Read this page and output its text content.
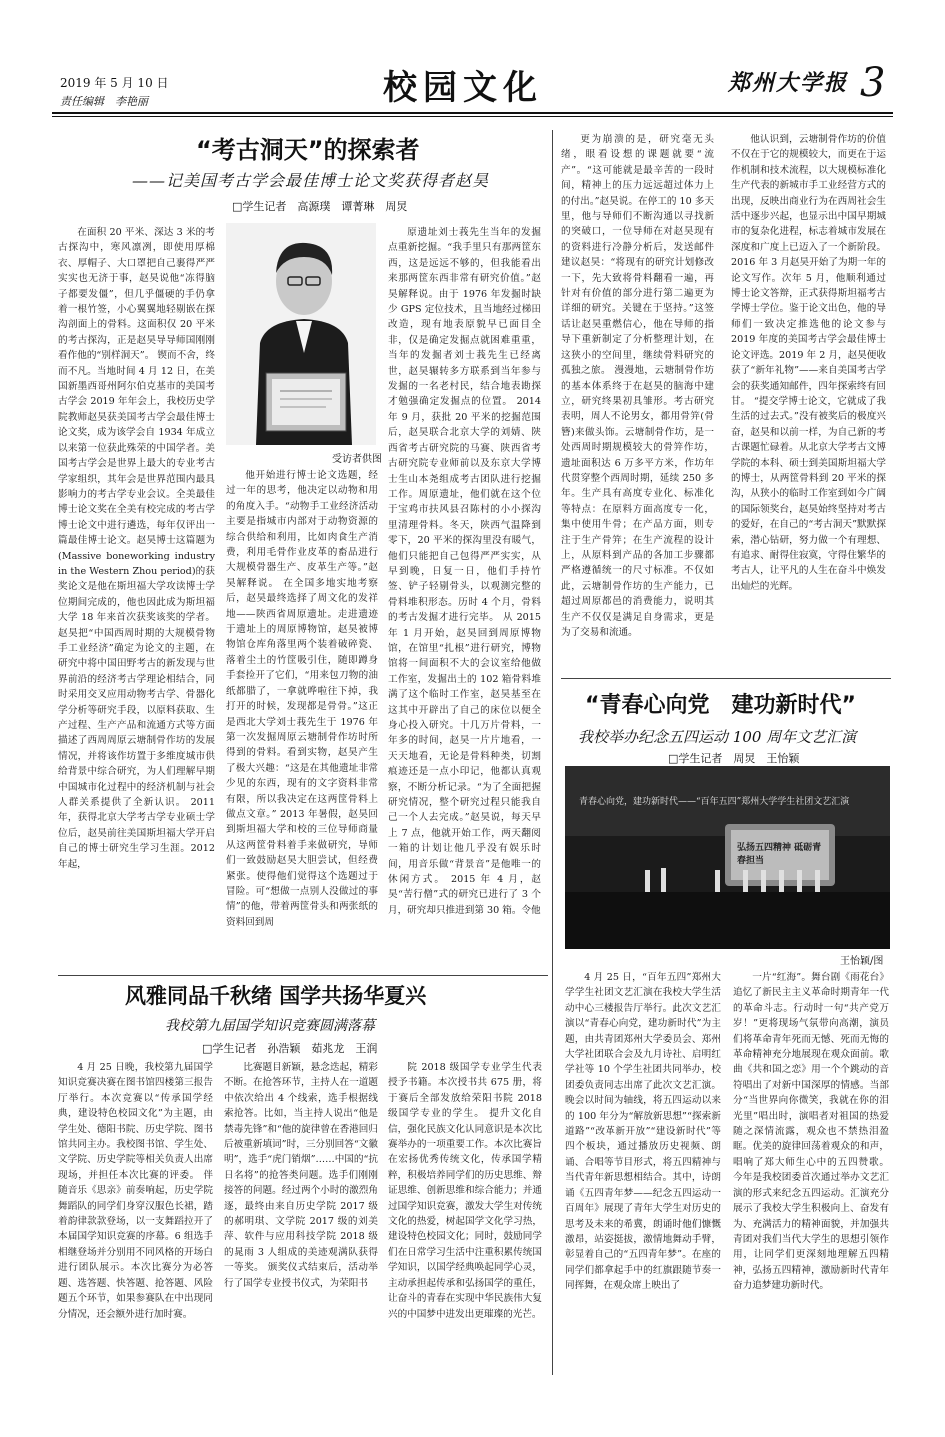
2019 年 5 月 10 日
责任编辑　李艳丽	校园文化	郑州大学报 3
“考古洞天”的探索者
——记美国考古学会最佳博士论文奖获得者赵昊
□学生记者　高源璞　谭菁琳　周炅
受访者供图

在面积 20 平米、深达 3 米的考古探沟中，寒风凛冽，即使用厚棉衣、厚帽子、大口罩把自己裹得严严实实也无济于事，赵昊说他“冻得脑子都要发僵”，但几乎僵硬的手仍拿着一根竹签，小心翼翼地轻剔嵌在探沟剖面上的骨料。这面积仅 20 平米的考古探沟，正是赵昊导导师国刚刚看作他的“别样洞天”。 锲而不舍，终而不凡。当地时间 4 月 12 日，在美国新墨西哥州阿尔伯克基市的美国考古学会 2019 年年会上，我校历史学院教师赵昊获美国考古学会最佳博士论文奖，成为该学会自 1934 年成立以来第一位获此殊荣的中国学者。美国考古学会是世界上最大的专业考古学家组织，其年会是世界范围内最具影响力的考古学专业会议。全美最佳博士论文奖在全美有校完成的考古学博士论文中进行遴选，每年仅评出一篇最佳博士论文。赵昊博士这篇题为(Massive boneworking industry in the Western Zhou period)的获奖论文是他在斯坦福大学攻读博士学位期间完成的，他也因此成为斯坦福大学 18 年来首次获奖该奖的学者。 赵昊把“中国西周时期的大规模骨物手工业经济”确定为论文的主题，在研究中将中国田野考古的新发现与世界前沿的经济考古学理论相结合，同时采用交叉应用动物考古学、骨器化学分析等研究手段，以原料获取、生产过程、生产产品和流通方式等方面描述了西周周原云塘制骨作坊的发展情况，并将该作坊置于多维度城市供给背景中综合研究，为人们理解早期中国城市化过程中的经济机制与社会人群关系提供了全新认识。 2011 年，获得北京大学考古学专业硕士学位后，赵昊前往美国斯坦福大学开启自己的博士研究生学习生涯。2012 年起，

他开始进行博士论文选题，经过一年的思考，他决定以动物和用的角度入手。“动物手工业经济活动主要是指城市内部对于动物资源的综合供给和利用，比如肉食生产消费，利用毛骨作业皮革的畜品进行大规模骨器生产、皮革生产等。”赵昊解释说。 在全国多地实地考察后，赵昊最终选择了周文化的发祥地——陕西省周原遗址。走进遗迹于遗址上的周原博物馆，赵昊被博物馆仓库角落里两个装着破碎瓷、落着尘土的竹筐吸引住，随即蹲身手套捡开了它们，“用来包刀物的油纸都腊了，一拿就哗啦往下掉，我打开的时候，发现都是骨骨。”这正是西北大学刘士莪先生于 1976 年第一次发掘周原云塘制骨作坊时所得到的骨料。看到实物，赵昊产生了极大兴趣：“这是在其他遗址非常少见的东西，现有的文字资料非常有限，所以我决定在这两筐骨料上做点文章。” 2013 年暑假，赵昊回到斯坦福大学和校的三位导师商量从这两筐骨料着手来做研究，导师们一致鼓励赵昊大胆尝试，但经费紧张。使得他们觉得这个选题过于冒险。可“想做一点别人没做过的事情”的他，带着两筐骨头和两张纸的资料回到周

原遗址刘士莪先生当年的发掘点重新挖掘。“我手里只有那两筐东西，这是远远不够的，但我能看出来那两筐东西非常有研究价值。”赵昊解释说。由于 1976 年发掘时缺少 GPS 定位技术，且当地经过梯田改造，现有地表原貌早已面目全非，仅是确定发掘点就困难重重，当年的发掘者刘士莪先生已经离世，赵昊辗转多方联系到当年参与发掘的一名老村民，结合地表勘探才勉强确定发掘点的位置。 2014 年 9 月，获批 20 平米的挖掘范围后，赵昊联合北京大学的刘婧、陕西省考古研究院的马赛、陕西省考古研究院专业师前以及东京大学博士生山本尧组成考古团队进行挖掘工作。周原遗址，他们就在这个位于宝鸡市扶风县召陈村的小小探沟里清理骨料。冬天，陕西气温降到零下，20 平米的探沟里没有暖气，他们只能把自己包得严严实实，从早到晚，日复一日，他们手持竹签、铲子轻剔骨头，以观测完整的骨料堆积形态。历时 4 个月，骨料的考古发掘才进行完毕。 从 2015 年 1 月开始，赵昊回到周原博物馆，在馆里“扎根”进行研究，博物馆将一间面积不大的会议室给他做工作室，发掘出土的 102 箱骨料堆满了这个临时工作室，赵昊基至在这其中开辟出了自己的床位以便全身心投入研究。十几万片骨料，一年多的时间，赵昊一片片地看，一天天地看，无论是骨料种类，切割痕迹还是一点小印记，他都认真观察，不断分析记录。“为了全面把握研究情况，整个研究过程只能我自己一个人去完成。”赵昊说，每天早上 7 点，他就开始工作，两天翻阅一箱的计划让他几乎没有娱乐时间，用音乐做“背景音”是他唯一的休闲方式。 2015 年 4 月，赵昊“苦行僧”式的研究已进行了 3 个月，研究却只推进到第 30 箱。令他

更为崩溃的是，研究毫无头绪，眼看设想的课题就要“流产”。“这可能就是最辛苦的一段时间，精神上的压力远远超过体力上的付出。”赵昊说。在停工的 10 多天里，他与导师们不断沟通以寻找新的突破口，一位导师在对赵昊现有的资料进行冷静分析后，发送邮件建议赵昊：“将现有的研究计划修改一下，先大致将骨料翻看一遍，再针对有价值的部分进行第二遍更为详细的研究。关键在于坚持。”这签话让赵昊重燃信心，他在导师的指导下重新制定了分析整理计划，在这狭小的空间里，继续骨料研究的孤独之旅。 漫漫地，云塘制骨作坊的基本体系终于在赵昊的脑海中建立，研究终果初具雏形。考古研究表明，周人不论男女，都用骨笄(骨簪)来做头饰。云塘制骨作坊，是一处西周时期规模较大的骨笄作坊，遗址面积达 6 万多平方米，作坊年代贯穿整个西周时期，延续 250 多年。生产具有高度专业化、标准化等特点：在原料方面高度专一化，集中使用牛骨；在产品方面，则专注于生产骨笄；在生产流程的设计上，从原料到产品的各加工步骤都严格遵循统一的尺寸标准。不仅如此，云塘制骨作坊的生产能力，已超过周原都邑的消费能力，说明其生产不仅仅是满足自身需求，更是为了交易和流通。

他认识到，云塘制骨作坊的价值不仅在于它的规模较大，而更在于运作机制和技术流程，以大规模标准化生产代表的新城市手工业经营方式的出现，反映出商业行为在西周社会生活中逐步兴起，也显示出中国早期城市的复杂化进程，标志着城市发展在深度和广度上已迈入了一个新阶段。 2016 年 3 月赵昊开始了为期一年的论文写作。次年 5 月，他顺利通过博士论文答辩，正式获得斯坦福考古学博士学位。鉴于论文出色，他的导师们一致决定推选他的论文参与 2019 年度的美国考古学会最佳博士论文评选。2019 年 2 月，赵昊便收获了“新年礼物”——来自美国考古学会的获奖通知邮件，四年探索终有回甘。 “提交学博士论文，它就成了我生活的过去式。”没有被奖后的极度兴奋，赵昊和以前一样，为自己新的考古课题忙碌着。从北京大学考古文博学院的本科、硕士到美国斯坦福大学的博士，从两筐骨料到 20 平米的探沟，从狭小的临时工作室到如今广阔的国际领奖台，赵昊始终坚持对考古的爱好，在自己的“考古洞天”默默探索，潜心钻研，努力做一个有理想、有追求、耐得住寂寞，守得住繁华的考古人，让平凡的人生在奋斗中焕发出灿烂的光辉。

“青春心向党　建功新时代”
我校举办纪念五四运动 100 周年文艺汇演
□学生记者　周炅　王怡颖
青春心向党，建功新时代——“百年五四”郑州大学学生社团文艺汇演
弘扬五四精神 砥砺青春担当
王怡颖/图

4 月 25 日，“百年五四”郑州大学学生社团文艺汇演在我校大学生活动中心三楼报告厅举行。此次文艺汇演以“青春心向党，建功新时代”为主题，由共青团郑州大学委员会、郑州大学社团联合会及九月诗社、启明红学社等 10 个学生社团共同举办，校团委负责同志出席了此次文艺汇演。 晚会以时间为轴线，将五四运动以来的 100 年分为“解放新思想”“探索新道路”“改革新开放”“建设新时代”等四个板块，通过播放历史视频、朗诵、合唱等节目形式，将五四精神与当代青年新思想相结合。其中，诗朗诵《五四青年梦——纪念五四运动一百周年》展现了青年大学生对历史的思考及未来的希冀，朗诵时他们慷慨激昂，站姿挺拔，激情地舞动手臂，彰显着自己的“五四青年梦”。在座的同学们都拿起手中的红旗跟随节奏一同挥舞，在观众席上映出了

一片“红海”。舞台剧《雨花台》追忆了新民主主义革命时期青年一代的革命斗志。行动时一句“共产党万岁！”更将现场气氛带向高潮，演员们将革命青年死而无憾、死而无悔的革命精神充分地展现在观众面前。歌曲《共和国之恋》用一个个跳动的音符唱出了对新中国深厚的情感。当部分“当世界向你微笑，我就在你的泪光里”唱出时，演唱者对祖国的热爱随之深情流露，观众也不禁热泪盈眶。优美的旋律回荡着观众的和声，唱响了郑大师生心中的五四赞歌。 今年是我校团委首次通过举办文艺汇演的形式来纪念五四运动。汇演充分展示了我校大学生积极向上、奋发有为、充满活力的精神面貌，并加强共青团对我们当代大学生的思想引领作用，让同学们更深刻地理解五四精神，弘扬五四精神，激励新时代青年奋力追梦建功新时代。

风雅同品千秋绪 国学共扬华夏兴
我校第九届国学知识竞赛圆满落幕
□学生记者　孙浩颖　茹兆龙　王润

4 月 25 日晚，我校第九届国学知识竞赛决赛在图书馆四楼第三报告厅举行。本次竞赛以“传承国学经典，建设特色校园文化”为主题，由学生处、德阳书院、历史学院、图书馆共同主办。我校图书馆、学生处、文学院、历史学院等相关负责人出席现场，并担任本次比赛的评委。 伴随音乐《思亲》前奏响起，历史学院舞蹈队的同学们身穿汉服色长裙，踏着韵律款款登场，以一支舞蹈拉开了本届国学知识竞赛的序幕。6 组选手相继登场并分别用不同风格的开场白进行团队展示。本次比赛分为必答题、选答题、快答题、抢答题、风险题五个环节，如果参赛队在中出现同分情况，还会额外进行加时赛。

比赛题目新颖，悬念迭起，精彩不断。在抢答环节，主持人在一道题中依次给出 4 个线索，选手根据线索抢答。比如，当主持人说出“他是禁毒先锋”和“他的旋律曾在香港回归后被重新填词”时，三分别回答“文徽明”，选手“虎门销烟”……中国的“抗日名将”的抢答类问题。选手们刚刚接答的问题。经过两个小时的激烈角逐，最终由来自历史学院 2017 级的郝明琪、文学院 2017 级的刘美萍、软件与应用科技学院 2018 级的晁雨 3 人组成的美迹观满队获得一等奖。 颁奖仪式结束后，活动举行了国学专业授书仪式，为荣阳书

院 2018 级国学专业学生代表授予书籍。本次授书共 675 册，将于赛后全部发放给荣阳书院 2018 级国学专业的学生。 提升文化自信，强化民族文化认同意识是本次比赛举办的一项重要工作。本次比赛旨在宏扬优秀传统文化，传承国学精粹，积极培养同学们的历史思维、辩证思维、创新思维和综合能力；并通过国学知识竞赛，激发大学生对传统文化的热爱，树起国学文化学习热，建设特色校园文化；同时，鼓励同学们在日常学习生活中注重积累传统国学知识，以国学经典唤起同学心灵，主动承担起传承和弘扬国学的重任，让奋斗的青春在实现中华民族伟大复兴的中国梦中进发出更璀璨的光芒。
